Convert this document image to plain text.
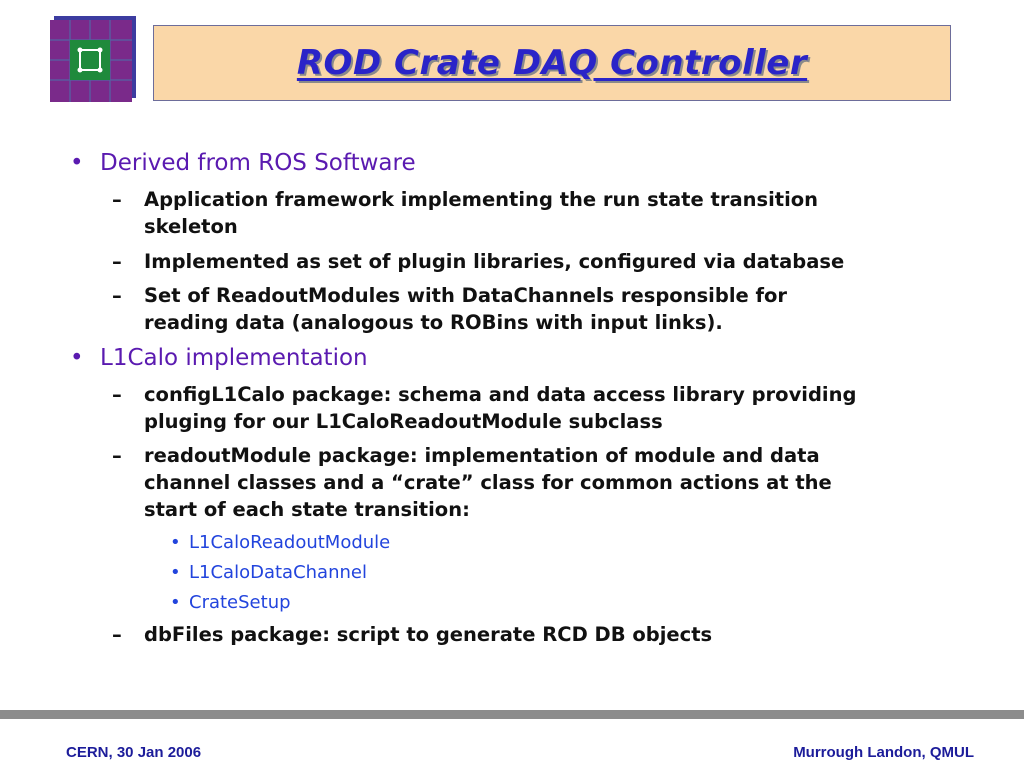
ROD Crate DAQ Controller
• Derived from ROS Software
– Application framework implementing the run state transition
skeleton
– Implemented as set of plugin libraries, configured via database
– Set of ReadoutModules with DataChannels responsible for
reading data (analogous to ROBins with input links).
• L1Calo implementation
– configL1Calo package: schema and data access library providing
pluging for our L1CaloReadoutModule subclass
– readoutModule package: implementation of module and data
channel classes and a “crate” class for common actions at the
start of each state transition:
• L1CaloReadoutModule
• L1CaloDataChannel
• CrateSetup
– dbFiles package: script to generate RCD DB objects
CERN, 30 Jan 2006	Murrough Landon, QMUL
